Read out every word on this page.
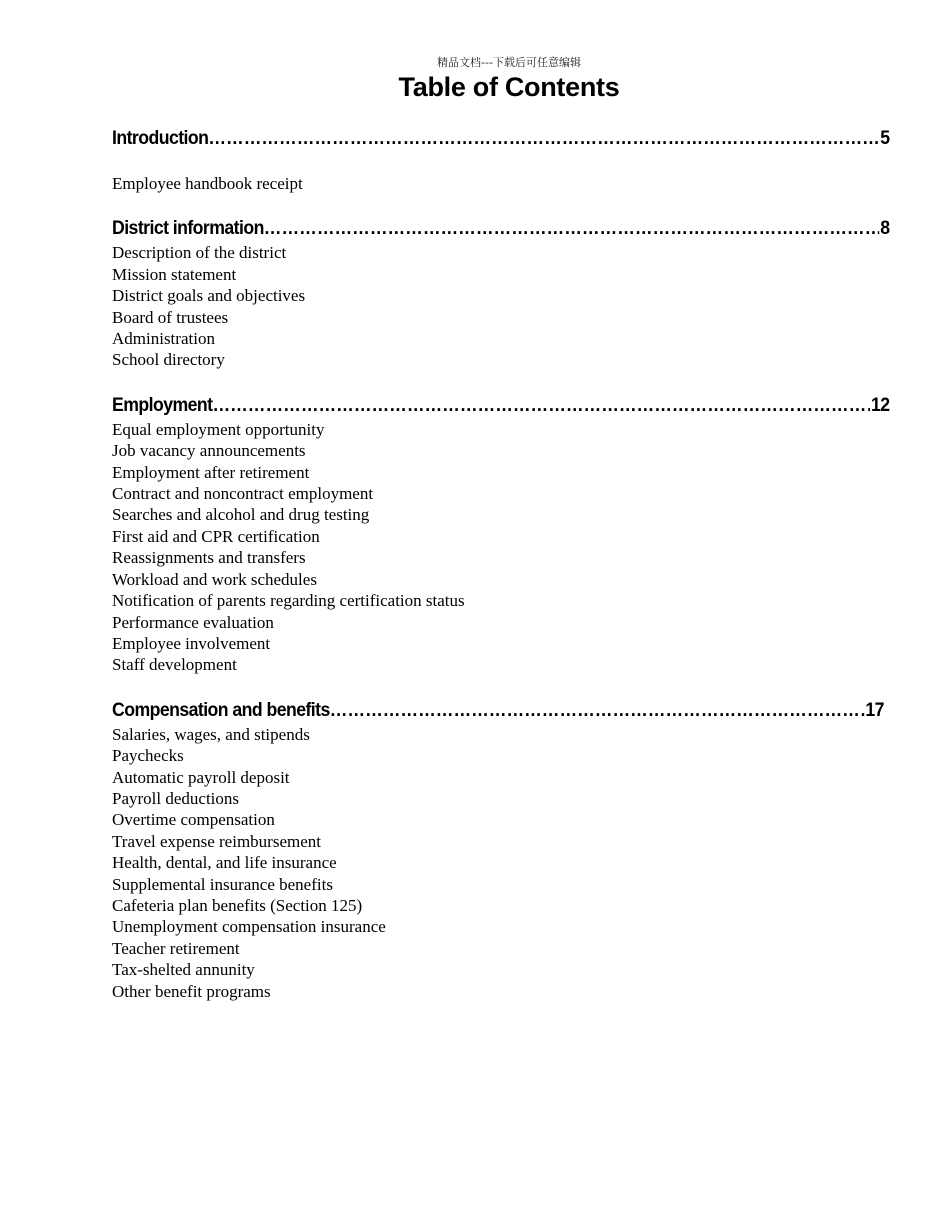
精品文档---下载后可任意编辑
Table of Contents
Introduction …………………………………………………………………………………………………………………………………………………………………………………………………………………	5
Employee handbook receipt
District information …………………………………………………………………………………………………………………………………………………………………………………………………………………	8
Description of the district
Mission statement
District goals and objectives
Board of trustees
Administration
School directory
Employment …………………………………………………………………………………………………………………………………………………………………………………………………………………	12
Equal employment opportunity
Job vacancy announcements
Employment after retirement
Contract and noncontract employment
Searches and alcohol and drug testing
First aid and CPR certification
Reassignments and transfers
Workload and work schedules
Notification of parents regarding certification status
Performance evaluation
Employee involvement
Staff development
Compensation and benefits …………………………………………………………………………………………………………………………………………………………………………………………………………………	17
Salaries, wages, and stipends
Paychecks
Automatic payroll deposit
Payroll deductions
Overtime compensation
Travel expense reimbursement
Health, dental, and life insurance
Supplemental insurance benefits
Cafeteria plan benefits (Section 125)
Unemployment compensation insurance
Teacher retirement
Tax-shelted annunity
Other benefit programs
